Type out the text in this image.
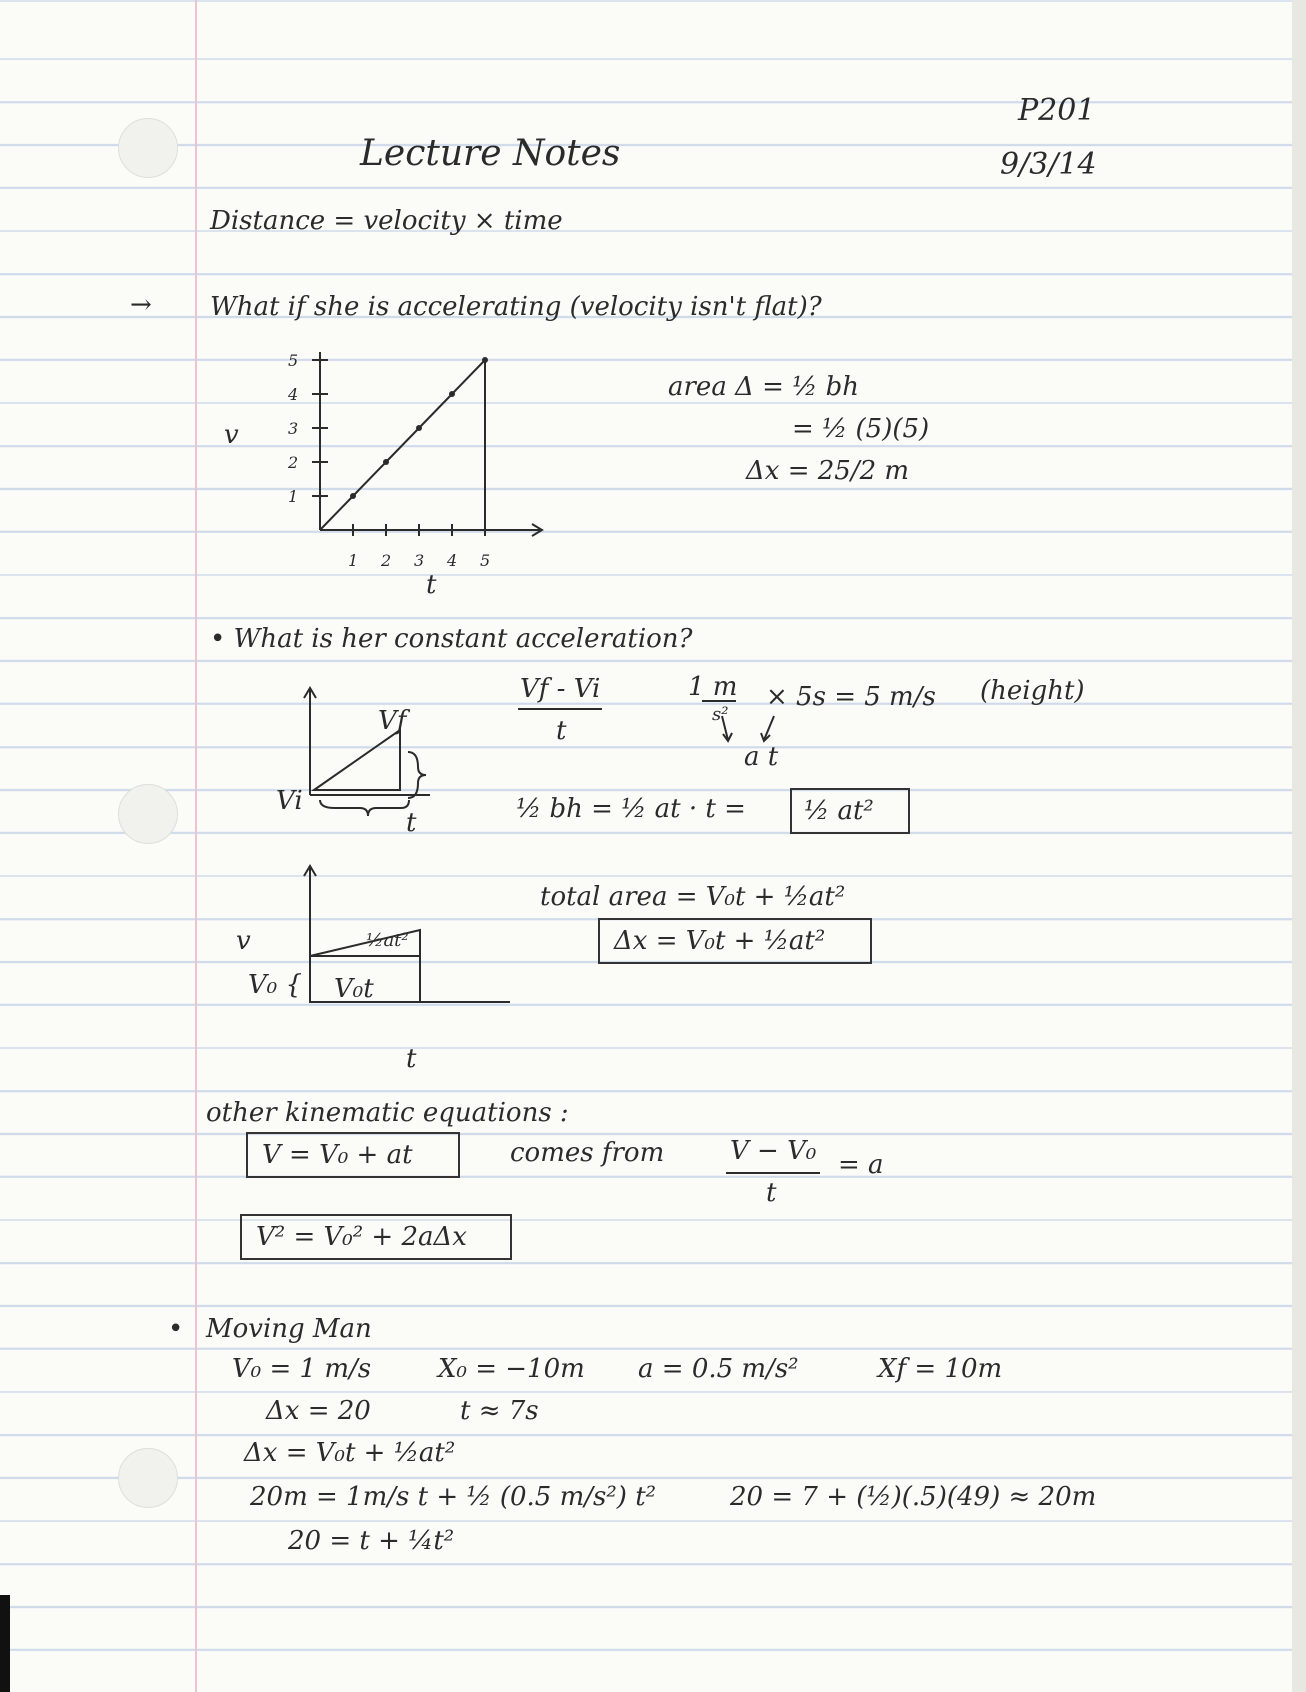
Lecture Notes
P201
9/3/14
Distance = velocity × time
→ What if she is accelerating (velocity isn't flat)?
v
t
1 2 3 4 5
1
2
3
4
5
area Δ = ½ bh
= ½ (5)(5)
Δx = 25/2 m
• What is her constant acceleration?
Vf
Vi
t
Vf - Vi
t
1 m
s²
× 5s = 5 m/s (height)
a t
½ bh = ½ at · t = ½ at²
v
V₀ { V₀t
½at²
t
total area = V₀t + ½at²
Δx = V₀t + ½at²
other kinematic equations :
V = V₀ + at	comes from	V − V₀
t
= a
V² = V₀² + 2aΔx
• Moving Man
V₀ = 1 m/s	X₀ = −10m a = 0.5 m/s²	Xf = 10m
Δx = 20	t ≈ 7s
Δx = V₀t + ½at²
20m = 1m/s t + ½ (0.5 m/s²) t²	20 = 7 + (½)(.5)(49) ≈ 20m
20 = t + ¼t²
